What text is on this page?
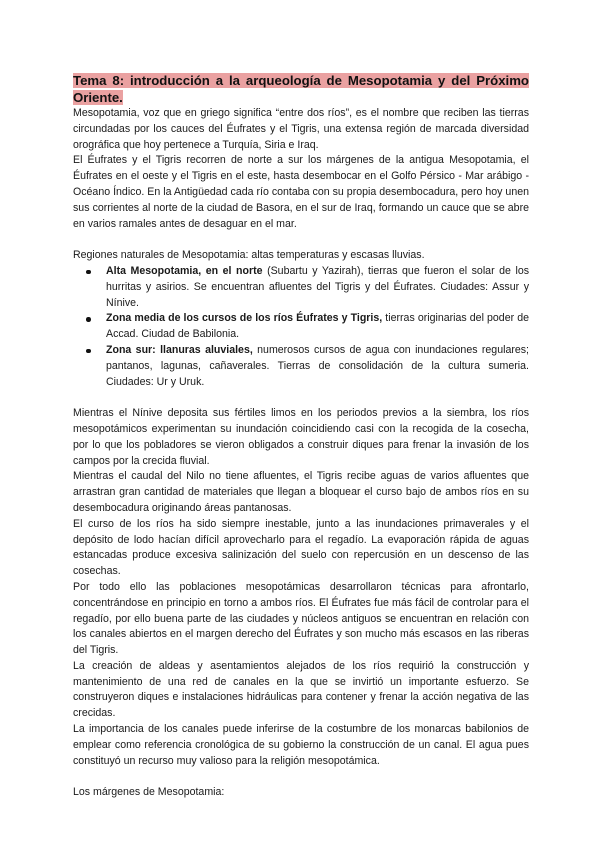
Tema 8: introducción a la arqueología de Mesopotamia y del Próximo Oriente.

Mesopotamia, voz que en griego significa “entre dos ríos”, es el nombre que reciben las tierras circundadas por los cauces del Éufrates y el Tigris, una extensa región de marcada diversidad orográfica que hoy pertenece a Turquía, Siria e Iraq.

El Éufrates y el Tigris recorren de norte a sur los márgenes de la antigua Mesopotamia, el Éufrates en el oeste y el Tigris en el este, hasta desembocar en el Golfo Pérsico - Mar arábigo - Océano Índico. En la Antigüedad cada río contaba con su propia desembocadura, pero hoy unen sus corrientes al norte de la ciudad de Basora, en el sur de Iraq, formando un cauce que se abre en varios ramales antes de desaguar en el mar.

Regiones naturales de Mesopotamia: altas temperaturas y escasas lluvias.

Alta Mesopotamia, en el norte (Subartu y Yazirah), tierras que fueron el solar de los hurritas y asirios. Se encuentran afluentes del Tigris y del Éufrates. Ciudades: Assur y Nínive.
Zona media de los cursos de los ríos Éufrates y Tigris, tierras originarias del poder de Accad. Ciudad de Babilonia.
Zona sur: llanuras aluviales, numerosos cursos de agua con inundaciones regulares; pantanos, lagunas, cañaverales. Tierras de consolidación de la cultura sumeria. Ciudades: Ur y Uruk.

Mientras el Nínive deposita sus fértiles limos en los periodos previos a la siembra, los ríos mesopotámicos experimentan su inundación coincidiendo casi con la recogida de la cosecha, por lo que los pobladores se vieron obligados a construir diques para frenar la invasión de los campos por la crecida fluvial.

Mientras el caudal del Nilo no tiene afluentes, el Tigris recibe aguas de varios afluentes que arrastran gran cantidad de materiales que llegan a bloquear el curso bajo de ambos ríos en su desembocadura originando áreas pantanosas.

El curso de los ríos ha sido siempre inestable, junto a las inundaciones primaverales y el depósito de lodo hacían difícil aprovecharlo para el regadío. La evaporación rápida de aguas estancadas produce excesiva salinización del suelo con repercusión en un descenso de las cosechas.

Por todo ello las poblaciones mesopotámicas desarrollaron técnicas para afrontarlo, concentrándose en principio en torno a ambos ríos. El Éufrates fue más fácil de controlar para el regadío, por ello buena parte de las ciudades y núcleos antiguos se encuentran en relación con los canales abiertos en el margen derecho del Éufrates y son mucho más escasos en las riberas del Tigris.

La creación de aldeas y asentamientos alejados de los ríos requirió la construcción y mantenimiento de una red de canales en la que se invirtió un importante esfuerzo. Se construyeron diques e instalaciones hidráulicas para contener y frenar la acción negativa de las crecidas.

La importancia de los canales puede inferirse de la costumbre de los monarcas babilonios de emplear como referencia cronológica de su gobierno la construcción de un canal. El agua pues constituyó un recurso muy valioso para la religión mesopotámica.

Los márgenes de Mesopotamia:
